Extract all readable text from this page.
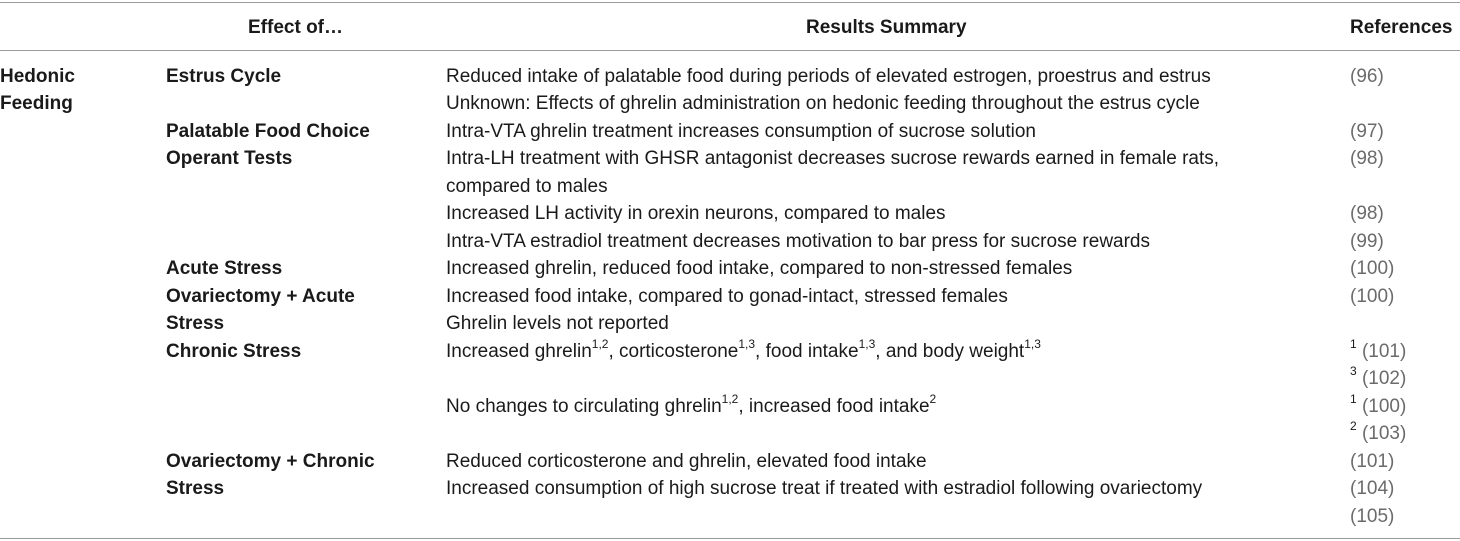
Effect of…	Results Summary	References
Hedonic
Feeding
Estrus Cycle
Palatable Food Choice
Operant Tests
Acute Stress
Ovariectomy + Acute
Stress
Chronic Stress
Ovariectomy + Chronic
Stress
Reduced intake of palatable food during periods of elevated estrogen, proestrus and estrus
Unknown: Effects of ghrelin administration on hedonic feeding throughout the estrus cycle
Intra-VTA ghrelin treatment increases consumption of sucrose solution
Intra-LH treatment with GHSR antagonist decreases sucrose rewards earned in female rats,
compared to males
Increased LH activity in orexin neurons, compared to males
Intra-VTA estradiol treatment decreases motivation to bar press for sucrose rewards
Increased ghrelin, reduced food intake, compared to non-stressed females
Increased food intake, compared to gonad-intact, stressed females
Ghrelin levels not reported
Increased ghrelin$^{1,2}$, corticosterone$^{1,3}$, food intake$^{1,3}$, and body weight$^{1,3}$
No changes to circulating ghrelin$^{1,2}$, increased food intake$^2$
Reduced corticosterone and ghrelin, elevated food intake
Increased consumption of high sucrose treat if treated with estradiol following ovariectomy
(96)
(97)
(98)
(98)
(99)
(100)
(100)
$^1$ (101)
$^3$ (102)
$^1$ (100)
$^2$ (103)
(101)
(104)
(105)
